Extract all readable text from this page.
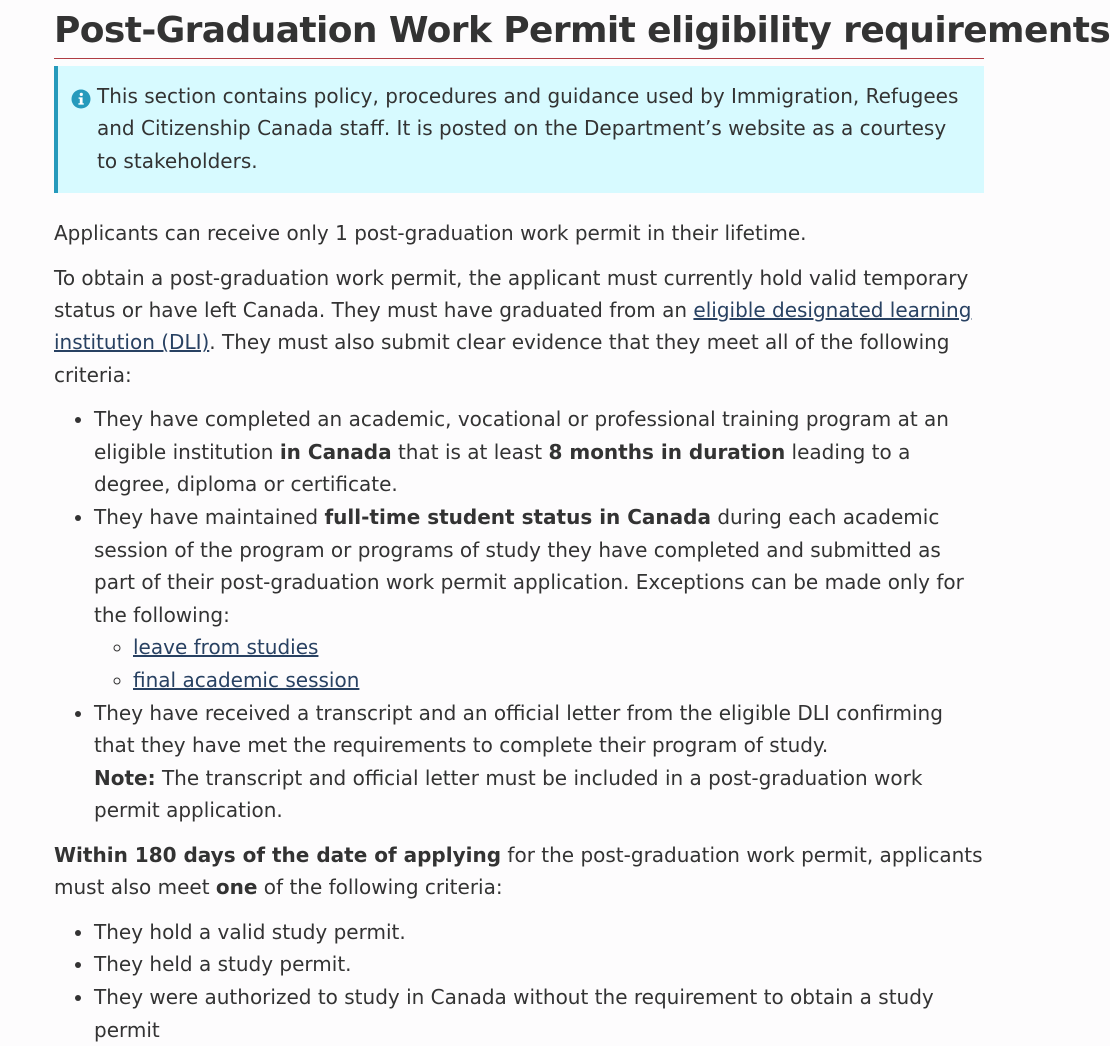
Post-Graduation Work Permit eligibility requirements
This section contains policy, procedures and guidance used by Immigration, Refugees and Citizenship Canada staff. It is posted on the Department’s website as a courtesy to stakeholders.

Applicants can receive only 1 post-graduation work permit in their lifetime.

To obtain a post-graduation work permit, the applicant must currently hold valid temporary status or have left Canada. They must have graduated from an eligible designated learning institution (DLI). They must also submit clear evidence that they meet all of the following criteria:

• They have completed an academic, vocational or professional training program at an eligible institution in Canada that is at least 8 months in duration leading to a degree, diploma or certificate.
• They have maintained full-time student status in Canada during each academic session of the program or programs of study they have completed and submitted as part of their post-graduation work permit application. Exceptions can be made only for the following:
◦ leave from studies
◦ final academic session
• They have received a transcript and an official letter from the eligible DLI confirming that they have met the requirements to complete their program of study.
Note: The transcript and official letter must be included in a post-graduation work permit application.

Within 180 days of the date of applying for the post-graduation work permit, applicants must also meet one of the following criteria:

• They hold a valid study permit.
• They held a study permit.
• They were authorized to study in Canada without the requirement to obtain a study permit
